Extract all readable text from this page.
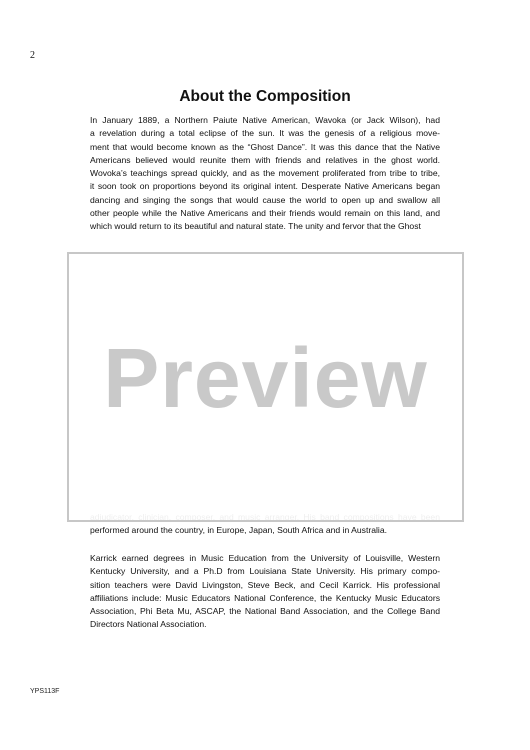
2
About the Composition
In January 1889, a Northern Paiute Native American, Wavoka (or Jack Wilson), had
a revelation during a total eclipse of the sun. It was the genesis of a religious move-
ment that would become known as the “Ghost Dance”. It was this dance that the Native
Americans believed would reunite them with friends and relatives in the ghost world.
Wovoka’s teachings spread quickly, and as the movement proliferated from tribe to tribe,
it soon took on proportions beyond its original intent. Desperate Native Americans began
dancing and singing the songs that would cause the world to open up and swallow all
other people while the Native Americans and their friends would remain on this land, and
which would return to its beautiful and natural state. The unity and fervor that the Ghost
performed around the country, in Europe, Japan, South Africa and in Australia.
Karrick earned degrees in Music Education from the University of Louisville, Western
Kentucky University, and a Ph.D from Louisiana State University. His primary compo-
sition teachers were David Livingston, Steve Beck, and Cecil Karrick. His professional
affiliations include: Music Educators National Conference, the Kentucky Music Educators
Association, Phi Beta Mu, ASCAP, the National Band Association, and the College Band
Directors National Association.
Preview
YPS113F
